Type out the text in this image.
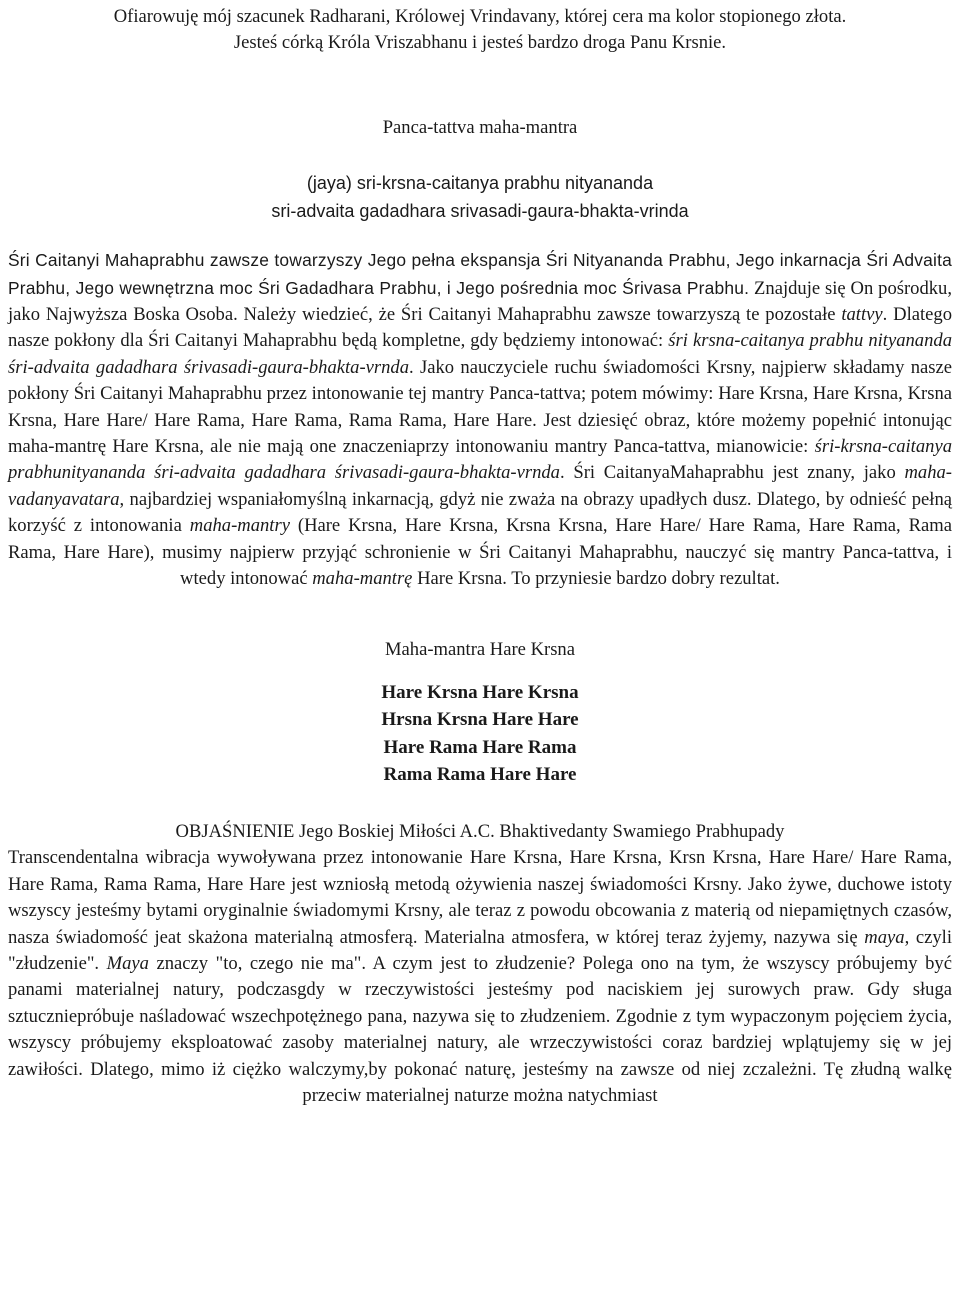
Ofiarowuję mój szacunek Radharani, Królowej Vrindavany, której cera ma kolor stopionego złota.
Jesteś córką Króla Vriszabhanu i jesteś bardzo droga Panu Krsnie.
Panca-tattva maha-mantra
(jaya) sri-krsna-caitanya prabhu nityananda
sri-advaita gadadhara srivasadi-gaura-bhakta-vrinda

Śri Caitanyi Mahaprabhu zawsze towarzyszy Jego pełna ekspansja Śri Nityananda Prabhu, Jego inkarnacja Śri Advaita Prabhu, Jego wewnętrzna moc Śri Gadadhara Prabhu, i Jego pośrednia moc Śrivasa Prabhu. Znajduje się On pośrodku, jako Najwyższa Boska Osoba. Należy wiedzieć, że Śri Caitanyi Mahaprabhu zawsze towarzyszą te pozostałe tattvy. Dlatego nasze pokłony dla Śri Caitanyi Mahaprabhu będą kompletne, gdy będziemy intonować: śri krsna-caitanya prabhu nityananda śri-advaita gadadhara śrivasadi-gaura-bhakta-vrnda. Jako nauczyciele ruchu świadomości Krsny, najpierw składamy nasze pokłony Śri Caitanyi Mahaprabhu przez intonowanie tej mantry Panca-tattva; potem mówimy: Hare Krsna, Hare Krsna, Krsna Krsna, Hare Hare/ Hare Rama, Hare Rama, Rama Rama, Hare Hare. Jest dziesięć obraz, które możemy popełnić intonując maha-mantrę Hare Krsna, ale nie mają one znaczeniaprzy intonowaniu mantry Panca-tattva, mianowicie: śri-krsna-caitanya prabhunityananda śri-advaita gadadhara śrivasadi-gaura-bhakta-vrnda. Śri CaitanyaMahaprabhu jest znany, jako maha-vadanyavatara, najbardziej wspaniałomyślną inkarnacją, gdyż nie zważa na obrazy upadłych dusz. Dlatego, by odnieść pełną korzyść z intonowania maha-mantry (Hare Krsna, Hare Krsna, Krsna Krsna, Hare Hare/ Hare Rama, Hare Rama, Rama Rama, Hare Hare), musimy najpierw przyjąć schronienie w Śri Caitanyi Mahaprabhu, nauczyć się mantry Panca-tattva, i wtedy intonować maha-mantrę Hare Krsna. To przyniesie bardzo dobry rezultat.

Maha-mantra Hare Krsna
Hare Krsna Hare Krsna
Hrsna Krsna Hare Hare
Hare Rama Hare Rama
Rama Rama Hare Hare
OBJAŚNIENIE Jego Boskiej Miłości A.C. Bhaktivedanty Swamiego Prabhupady

Transcendentalna wibracja wywoływana przez intonowanie Hare Krsna, Hare Krsna, Krsn Krsna, Hare Hare/ Hare Rama, Hare Rama, Rama Rama, Hare Hare jest wzniosłą metodą ożywienia naszej świadomości Krsny. Jako żywe, duchowe istoty wszyscy jesteśmy bytami oryginalnie świadomymi Krsny, ale teraz z powodu obcowania z materią od niepamiętnych czasów, nasza świadomość jeat skażona materialną atmosferą. Materialna atmosfera, w której teraz żyjemy, nazywa się maya, czyli "złudzenie". Maya znaczy "to, czego nie ma". A czym jest to złudzenie? Polega ono na tym, że wszyscy próbujemy być panami materialnej natury, podczasgdy w rzeczywistości jesteśmy pod naciskiem jej surowych praw. Gdy sługa sztuczniepróbuje naśladować wszechpotężnego pana, nazywa się to złudzeniem. Zgodnie z tym wypaczonym pojęciem życia, wszyscy próbujemy eksploatować zasoby materialnej natury, ale wrzeczywistości coraz bardziej wplątujemy się w jej zawiłości. Dlatego, mimo iż ciężko walczymy,by pokonać naturę, jesteśmy na zawsze od niej zczależni. Tę złudną walkę przeciw materialnej naturze można natychmiast
